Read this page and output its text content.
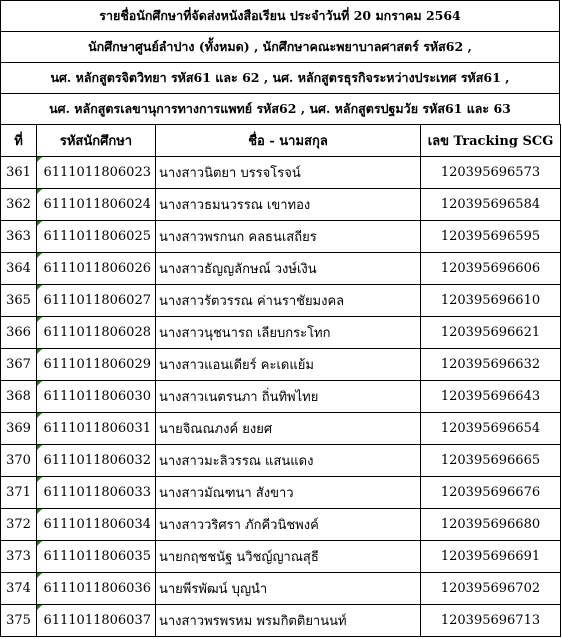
รายชื่อนักศึกษาที่จัดส่งหนังสือเรียน ประจำวันที่ 20 มกราคม 2564
นักศึกษาศูนย์ลำปาง (ทั้งหมด) , นักศึกษาคณะพยาบาลศาสตร์ รหัส62 ,
นศ. หลักสูตรจิตวิทยา รหัส61 และ 62 , นศ. หลักสูตรธุรกิจระหว่างประเทศ รหัส61 ,
นศ. หลักสูตรเลขานุการทางการแพทย์ รหัส62 , นศ. หลักสูตรปฐมวัย รหัส61 และ 63
ที่	รหัสนักศึกษา	ชื่อ - นามสกุล	เลข Tracking SCG
361	6111011806023	นางสาวนิตยา บรรจโรจน์	120395696573
362	6111011806024	นางสาวธมนวรรณ เขาทอง	120395696584
363	6111011806025	นางสาวพรกนก คลธนเสถียร	120395696595
364	6111011806026	นางสาวธัญญลักษณ์ วงษ์เงิน	120395696606
365	6111011806027	นางสาวรัตวรรณ ค่านราชัยมงคล	120395696610
366	6111011806028	นางสาวนุชนารถ เลียบกระโทก	120395696621
367	6111011806029	นางสาวแอนเดียร์ คะเดแย้ม	120395696632
368	6111011806030	นางสาวเนตรนภา ถิ่นทิพไทย	120395696643
369	6111011806031	นายจิณณภงค์ ยงยศ	120395696654
370	6111011806032	นางสาวมะลิวรรณ แสนแดง	120395696665
371	6111011806033	นางสาวมัณฑนา สังขาว	120395696676
372	6111011806034	นางสาววริศรา ภักคีวนิชพงค์	120395696680
373	6111011806035	นายกฤชชนัฐ นวิชญ์ญาณสุธี	120395696691
374	6111011806036	นายพีรพัฒน์ บุญนำ	120395696702
375	6111011806037	นางสาวพรพรหม พรมกิตติยานนท์	120395696713
